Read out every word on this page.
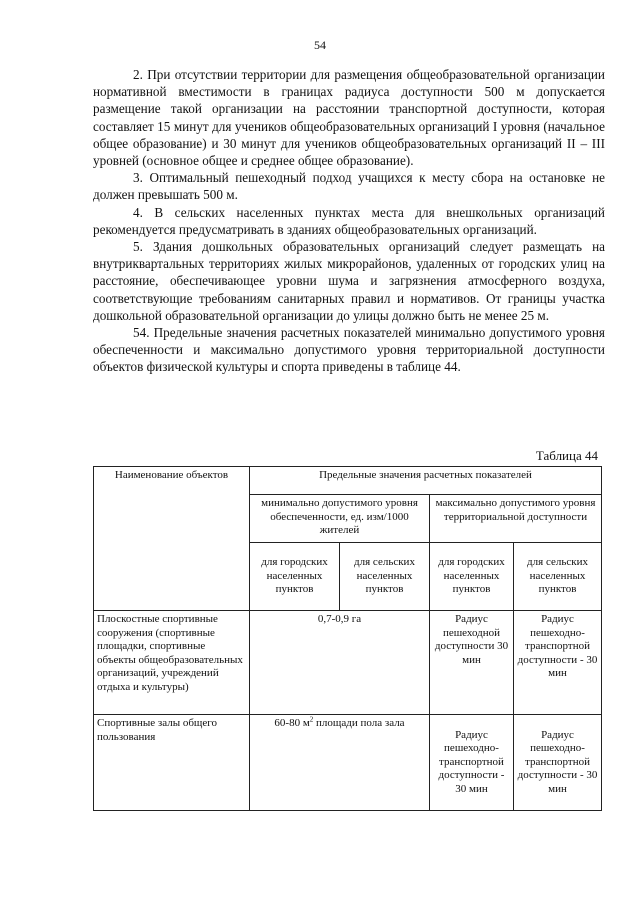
54

2. При отсутствии территории для размещения общеобразовательной организации нормативной вместимости в границах радиуса доступности 500 м допускается размещение такой организации на расстоянии транспортной доступности, которая составляет 15 минут для учеников общеобразовательных организаций I уровня (начальное общее образование) и 30 минут для учеников общеобразовательных организаций II – III уровней (основное общее и среднее общее образование).

3. Оптимальный пешеходный подход учащихся к месту сбора на остановке не должен превышать 500 м.

4. В сельских населенных пунктах места для внешкольных организаций рекомендуется предусматривать в зданиях общеобразовательных организаций.

5. Здания дошкольных образовательных организаций следует размещать на внутриквартальных территориях жилых микрорайонов, удаленных от городских улиц на расстояние, обеспечивающее уровни шума и загрязнения атмосферного воздуха, соответствующие требованиям санитарных правил и нормативов. От границы участка дошкольной образовательной организации до улицы должно быть не менее 25 м.

54. Предельные значения расчетных показателей минимально допустимого уровня обеспеченности и максимально допустимого уровня территориальной доступности объектов физической культуры и спорта приведены в таблице 44.

Таблица 44
Наименование объектов	Предельные значения расчетных показателей			
	минимально допустимого уровня обеспеченности, ед. изм/1000 жителей		максимально допустимого уровня территориальной доступности	
	для городских населенных пунктов	для сельских населенных пунктов	для городских населенных пунктов	для сельских населенных пунктов
Плоскостные спортивные сооружения (спортивные площадки, спортивные объекты общеобразовательных организаций, учреждений отдыха и культуры)	0,7-0,9 га		Радиус пешеходной доступности 30 мин	Радиус пешеходно-транспортной доступности - 30 мин
Спортивные залы общего пользования	60-80 $м^2$ площади пола зала		Радиус пешеходно-транспортной доступности - 30 мин	Радиус пешеходно-транспортной доступности - 30 мин
